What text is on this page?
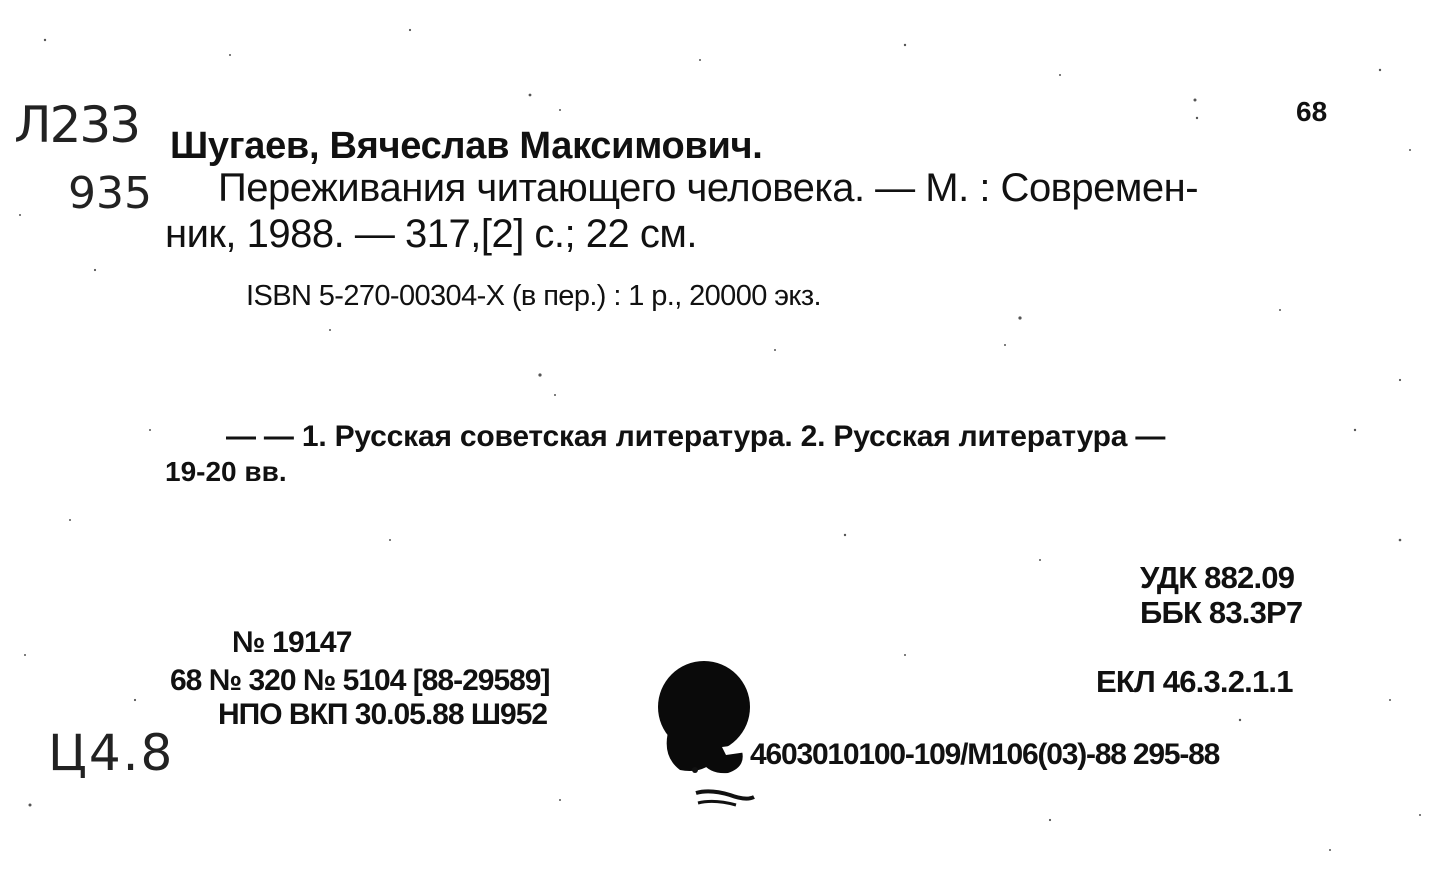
Л233	68
Шугаев, Вячеслав Максимович.
935 Переживания читающего человека. — М. : Современ-
ник, 1988. — 317,[2] с.; 22 см.
ISBN 5-270-00304-X (в пер.) : 1 р., 20000 экз.
— — 1. Русская советская литература. 2. Русская литература —
19-20 вв.
УДК 882.09
ББК 83.3Р7
№ 19147
68 № 320 № 5104 [88-29589]	ЕКЛ 46.3.2.1.1
НПО ВКП 30.05.88 Ш952
4603010100-109/М106(03)-88 295-88
Ц4.8
